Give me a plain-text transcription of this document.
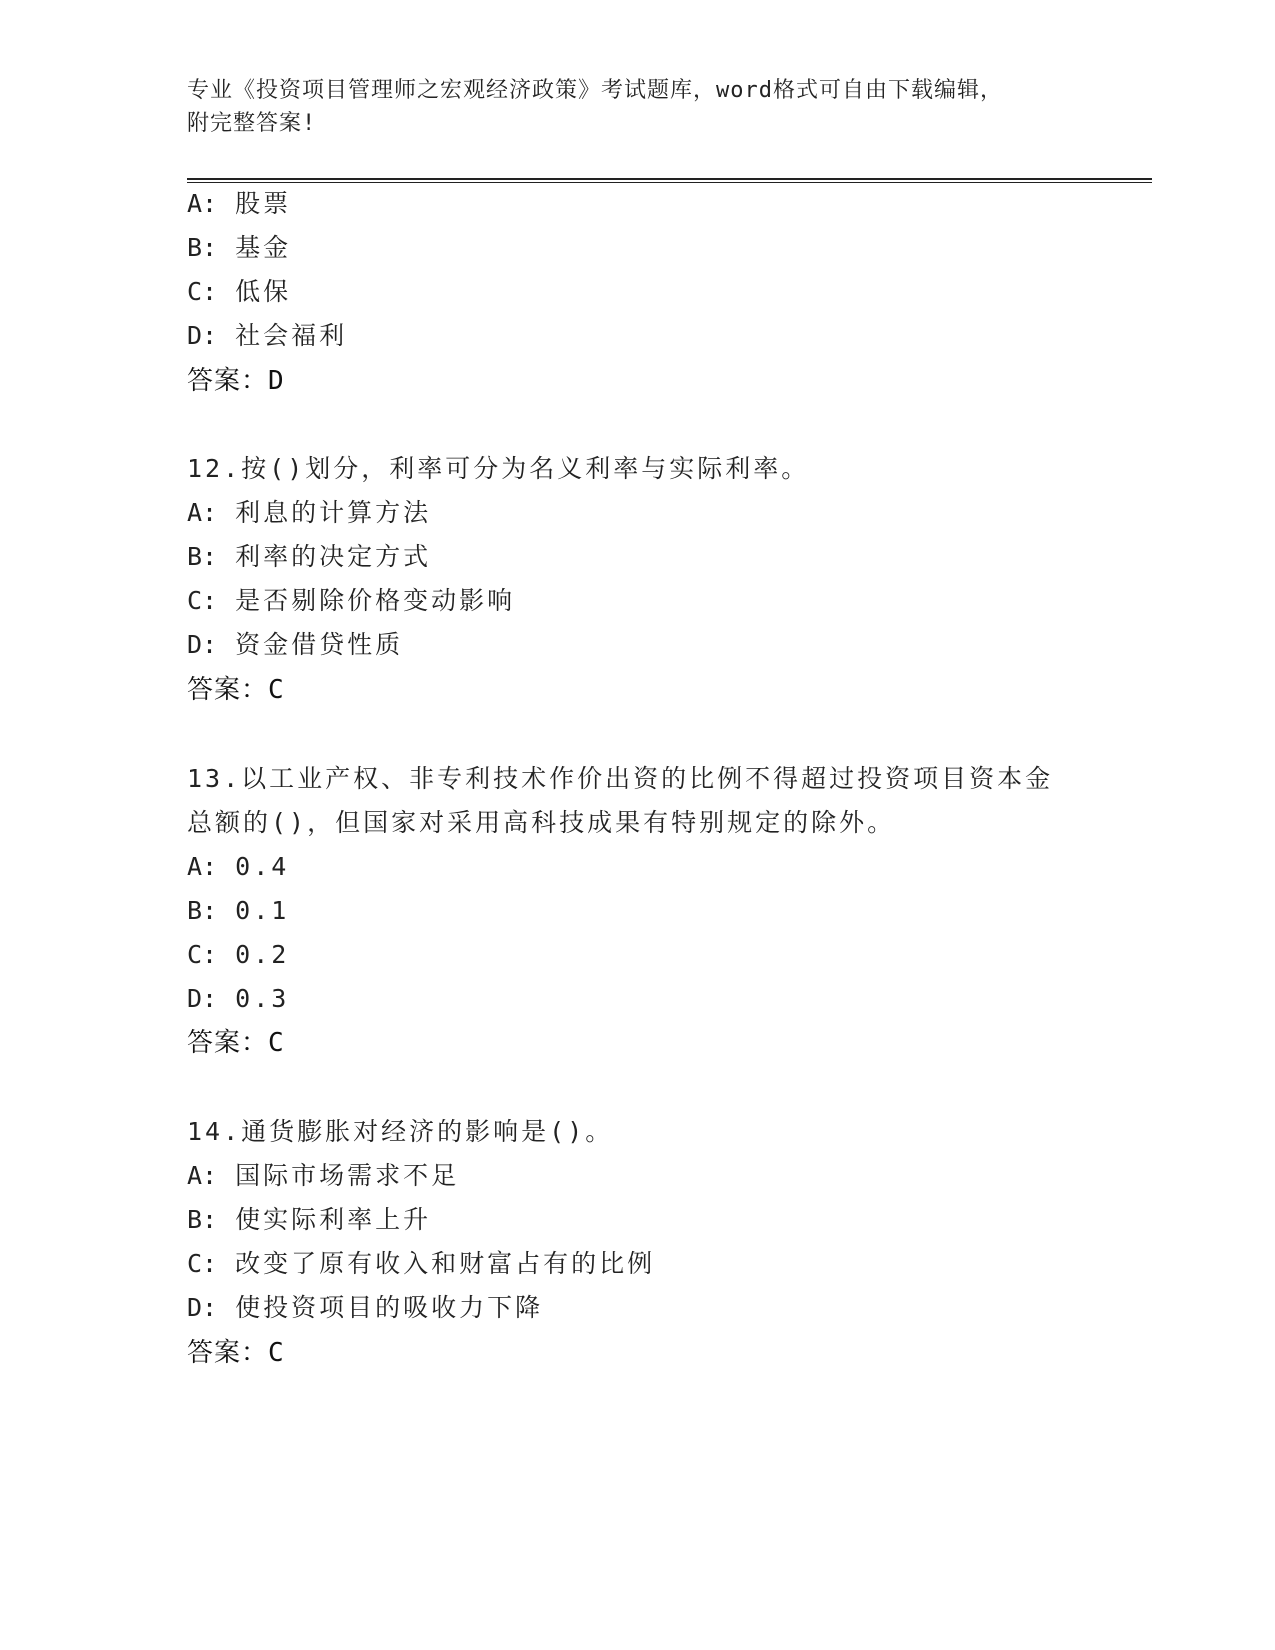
专业《投资项目管理师之宏观经济政策》考试题库，word格式可自由下载编辑，
附完整答案!
A: 股票
B: 基金
C: 低保
D: 社会福利
答案：D
12.按()划分，利率可分为名义利率与实际利率。
A: 利息的计算方法
B: 利率的决定方式
C: 是否剔除价格变动影响
D: 资金借贷性质
答案：C
13.以工业产权、非专利技术作价出资的比例不得超过投资项目资本金
总额的()，但国家对采用高科技成果有特别规定的除外。
A: 0.4
B: 0.1
C: 0.2
D: 0.3
答案：C
14.通货膨胀对经济的影响是()。
A: 国际市场需求不足
B: 使实际利率上升
C: 改变了原有收入和财富占有的比例
D: 使投资项目的吸收力下降
答案：C
